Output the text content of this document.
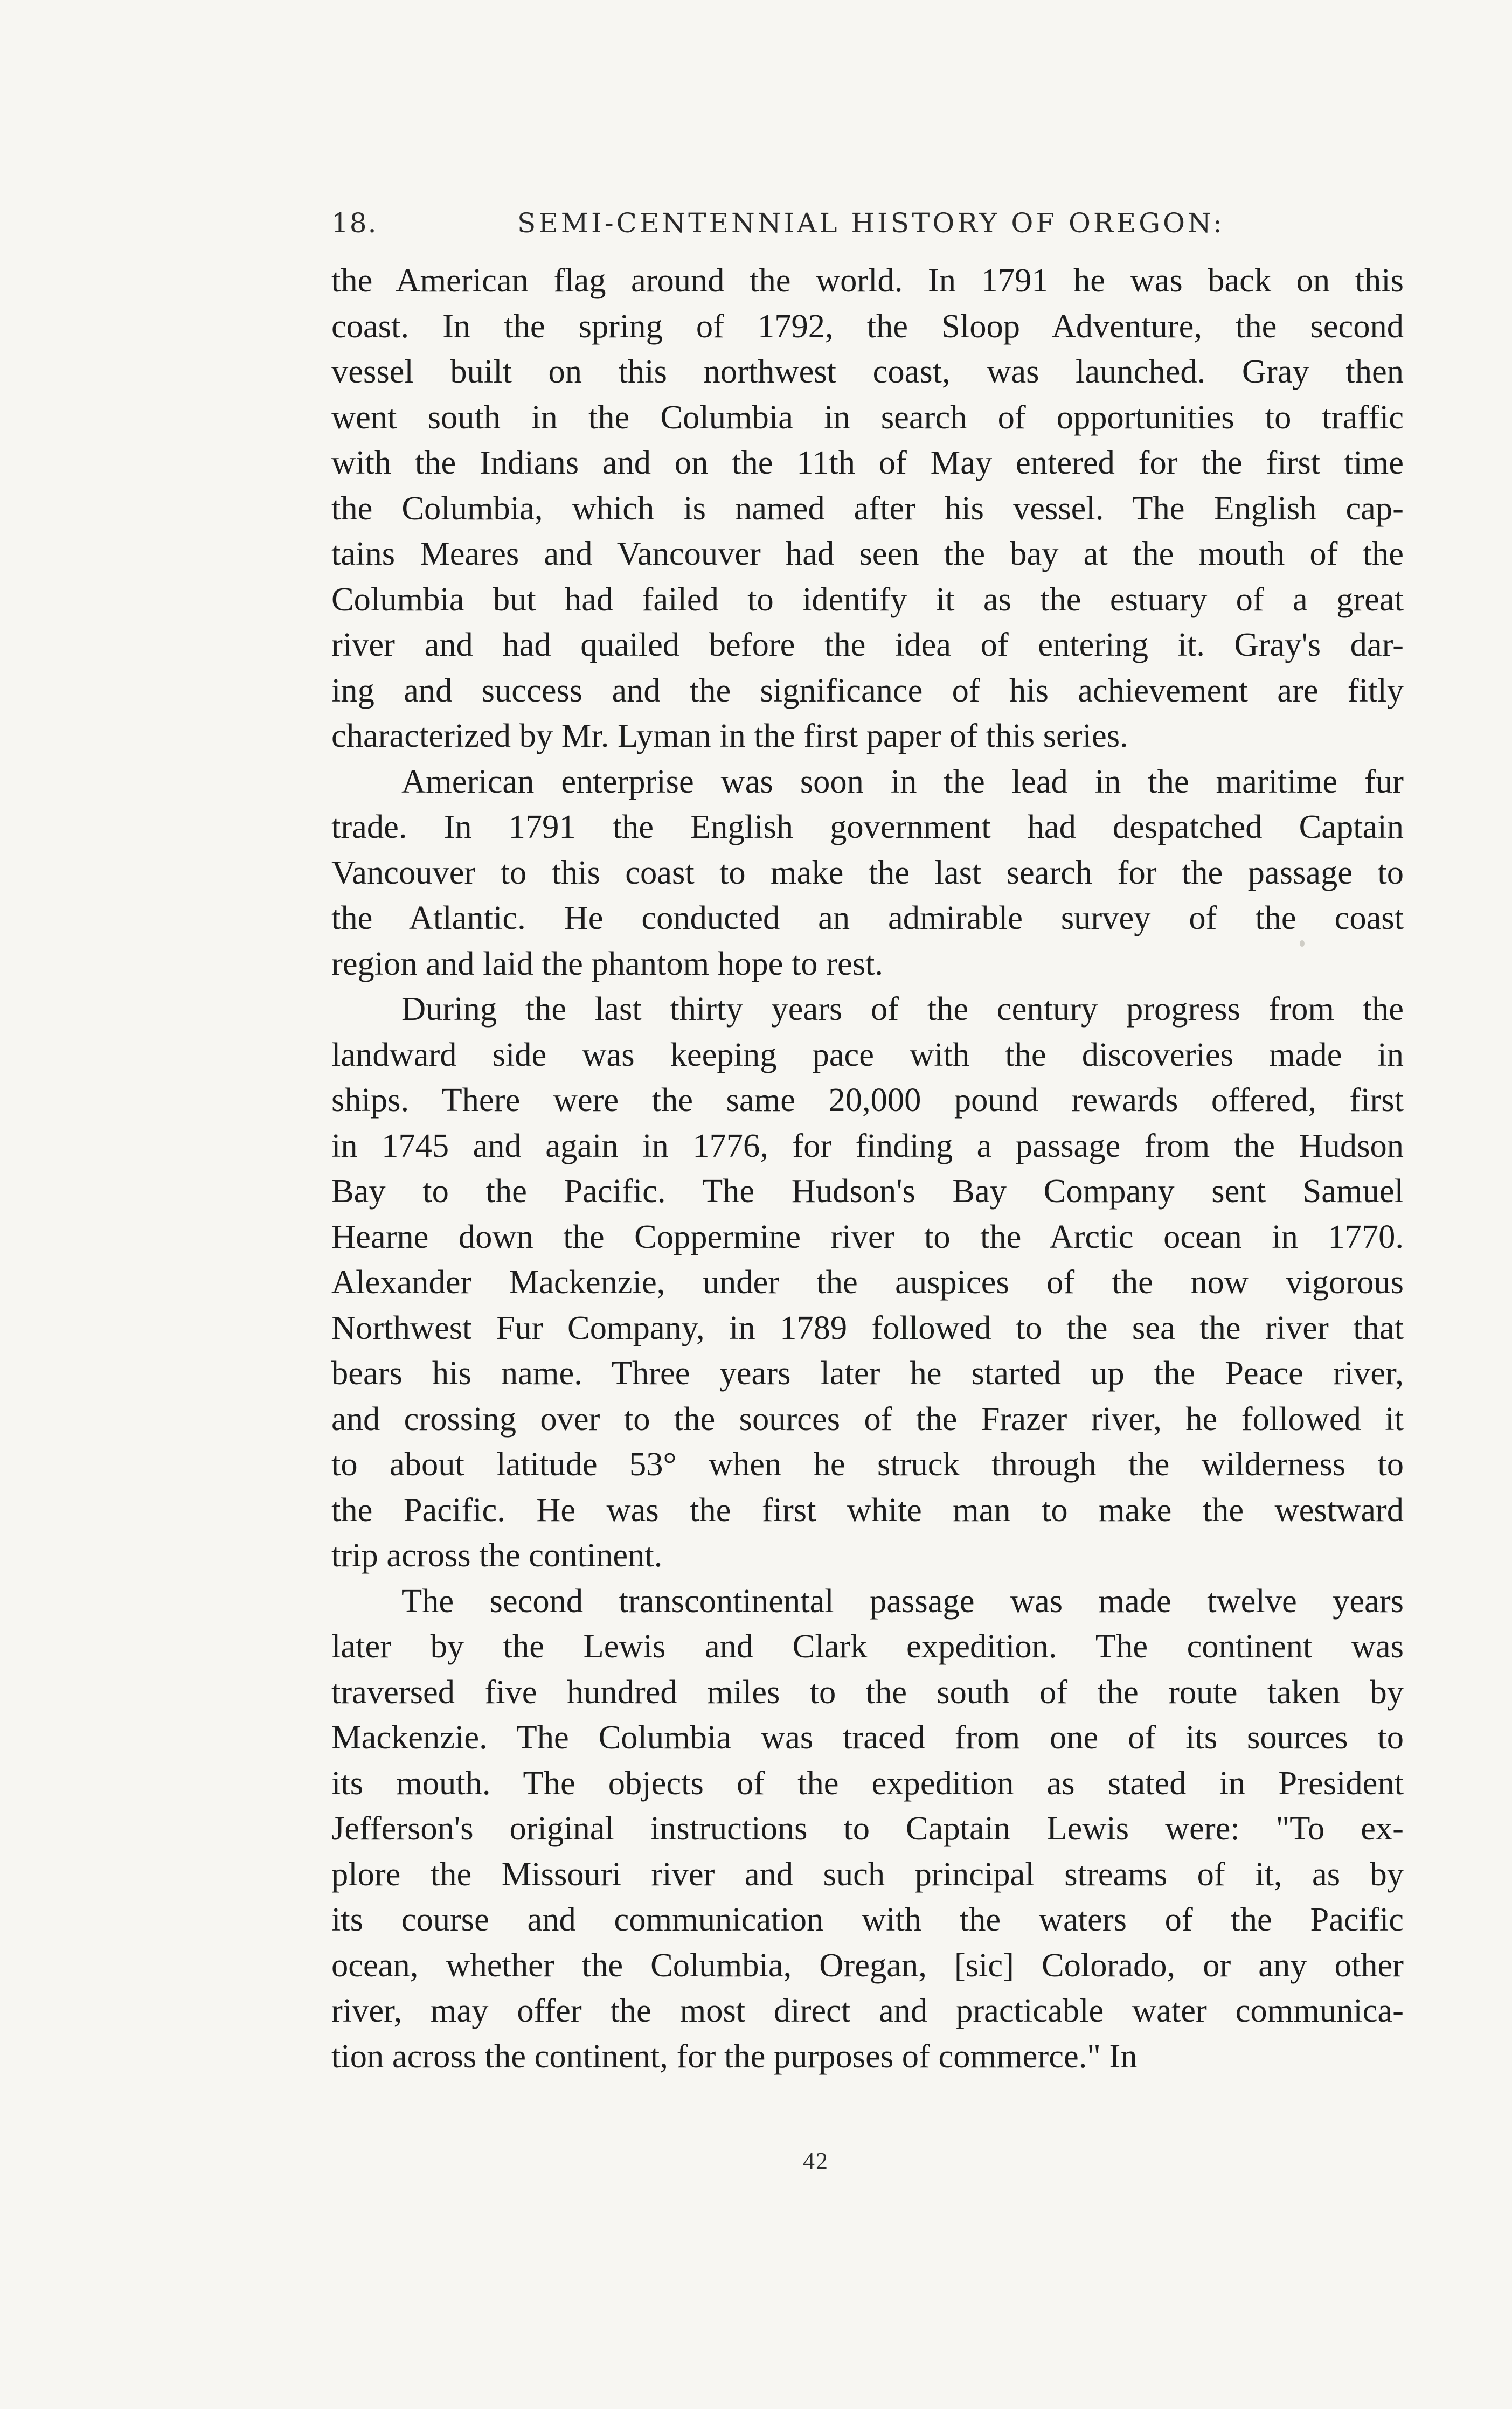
18.	SEMI-CENTENNIAL HISTORY OF OREGON:

the American flag around the world. In 1791 he was back on this
coast. In the spring of 1792, the Sloop Adventure, the second
vessel built on this northwest coast, was launched. Gray then
went south in the Columbia in search of opportunities to traffic
with the Indians and on the 11th of May entered for the first time
the Columbia, which is named after his vessel. The English cap-
tains Meares and Vancouver had seen the bay at the mouth of the
Columbia but had failed to identify it as the estuary of a great
river and had quailed before the idea of entering it. Gray's dar-
ing and success and the significance of his achievement are fitly
characterized by Mr. Lyman in the first paper of this series.

American enterprise was soon in the lead in the maritime fur
trade. In 1791 the English government had despatched Captain
Vancouver to this coast to make the last search for the passage to
the Atlantic. He conducted an admirable survey of the coast
region and laid the phantom hope to rest.

During the last thirty years of the century progress from the
landward side was keeping pace with the discoveries made in
ships. There were the same 20,000 pound rewards offered, first
in 1745 and again in 1776, for finding a passage from the Hudson
Bay to the Pacific. The Hudson's Bay Company sent Samuel
Hearne down the Coppermine river to the Arctic ocean in 1770.
Alexander Mackenzie, under the auspices of the now vigorous
Northwest Fur Company, in 1789 followed to the sea the river that
bears his name. Three years later he started up the Peace river,
and crossing over to the sources of the Frazer river, he followed it
to about latitude 53° when he struck through the wilderness to
the Pacific. He was the first white man to make the westward
trip across the continent.

The second transcontinental passage was made twelve years
later by the Lewis and Clark expedition. The continent was
traversed five hundred miles to the south of the route taken by
Mackenzie. The Columbia was traced from one of its sources to
its mouth. The objects of the expedition as stated in President
Jefferson's original instructions to Captain Lewis were: "To ex-
plore the Missouri river and such principal streams of it, as by
its course and communication with the waters of the Pacific
ocean, whether the Columbia, Oregan, [sic] Colorado, or any other
river, may offer the most direct and practicable water communica-
tion across the continent, for the purposes of commerce." In

42
